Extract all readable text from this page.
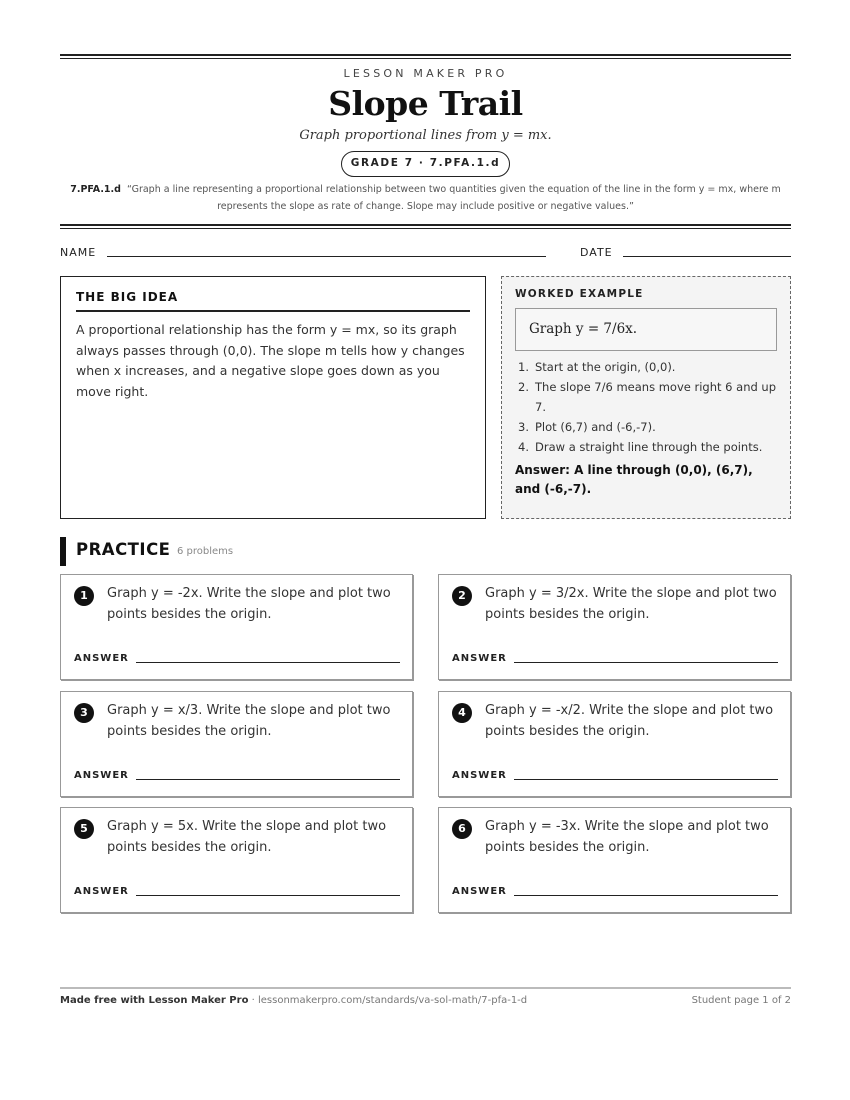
LESSON MAKER PRO
Slope Trail
Graph proportional lines from y = mx.
GRADE 7 · 7.PFA.1.d
7.PFA.1.d “Graph a line representing a proportional relationship between two quantities given the equation of the line in the form y = mx, where m represents the slope as rate of change. Slope may include positive or negative values.”
NAME	DATE
THE BIG IDEA
A proportional relationship has the form y = mx, so its graph always passes through (0,0). The slope m tells how y changes when x increases, and a negative slope goes down as you move right.
WORKED EXAMPLE
Graph y = 7/6x.
1. Start at the origin, (0,0).
2. The slope 7/6 means move right 6 and up 7.
3. Plot (6,7) and (-6,-7).
4. Draw a straight line through the points.
Answer: A line through (0,0), (6,7), and (-6,-7).
PRACTICE 6 problems
1	Graph y = -2x. Write the slope and plot two points besides the origin.
ANSWER
2	Graph y = 3/2x. Write the slope and plot two points besides the origin.
ANSWER
3	Graph y = x/3. Write the slope and plot two points besides the origin.
ANSWER
4	Graph y = -x/2. Write the slope and plot two points besides the origin.
ANSWER
5	Graph y = 5x. Write the slope and plot two points besides the origin.
ANSWER
6	Graph y = -3x. Write the slope and plot two points besides the origin.
ANSWER
Made free with Lesson Maker Pro · lessonmakerpro.com/standards/va-sol-math/7-pfa-1-d	Student page 1 of 2
